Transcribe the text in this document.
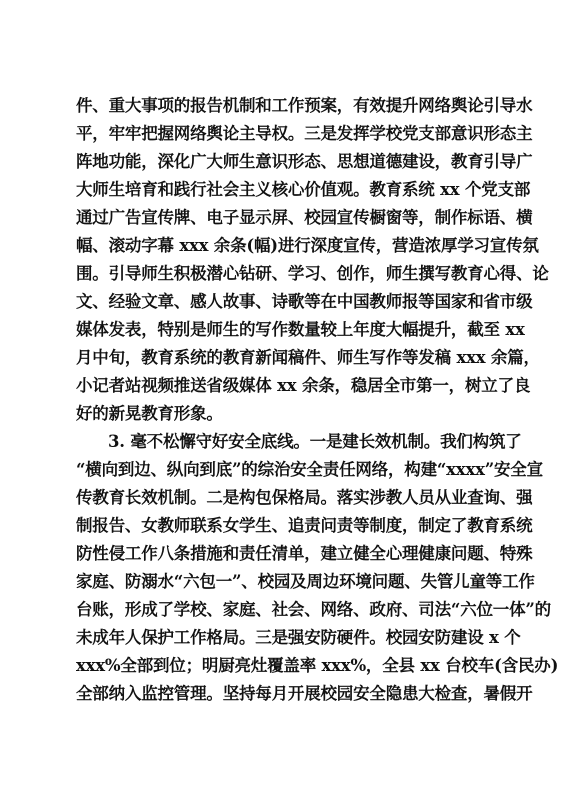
件、重大事项的报告机制和工作预案，有效提升网络舆论引导水
平，牢牢把握网络舆论主导权。三是发挥学校党支部意识形态主
阵地功能，深化广大师生意识形态、思想道德建设，教育引导广
大师生培育和践行社会主义核心价值观。教育系统 xx 个党支部
通过广告宣传牌、电子显示屏、校园宣传橱窗等，制作标语、横
幅、滚动字幕 xxx 余条(幅)进行深度宣传，营造浓厚学习宣传氛
围。引导师生积极潜心钻研、学习、创作，师生撰写教育心得、论
文、经验文章、感人故事、诗歌等在中国教师报等国家和省市级
媒体发表，特别是师生的写作数量较上年度大幅提升，截至 xx
月中旬，教育系统的教育新闻稿件、师生写作等发稿 xxx 余篇，
小记者站视频推送省级媒体 xx 余条，稳居全市第一，树立了良
好的新晃教育形象。
3. 毫不松懈守好安全底线。一是建长效机制。我们构筑了
“横向到边、纵向到底”的综治安全责任网络，构建“xxxx”安全宣
传教育长效机制。二是构包保格局。落实涉教人员从业查询、强
制报告、女教师联系女学生、追责问责等制度，制定了教育系统
防性侵工作八条措施和责任清单，建立健全心理健康问题、特殊
家庭、防溺水“六包一”、校园及周边环境问题、失管儿童等工作
台账，形成了学校、家庭、社会、网络、政府、司法“六位一体”的
未成年人保护工作格局。三是强安防硬件。校园安防建设 x 个
xxx%全部到位；明厨亮灶覆盖率 xxx%，全县 xx 台校车(含民办)
全部纳入监控管理。坚持每月开展校园安全隐患大检查，暑假开
